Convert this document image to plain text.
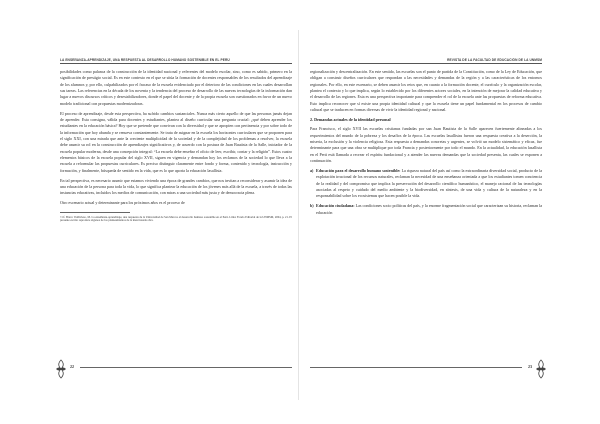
LA ENSEÑANZA-APRENDIZAJE, UNA RESPUESTA AL DESARROLLO HUMANO SOSTENIBLE EN EL PERÚ

posibilidades como palanca de la construcción de la identidad nacional y referentes del modelo escolar, sino, como es sabido, primero en la significación de prestigio social. Es en este contexto en el que se sitúa la formación de docentes responsables de los resultados del aprendizaje de los alumnos y, por ello, culpabilizados por el fracaso de la escuela evidenciado por el deterioro de las condiciones en las cuales desarrollan sus tareas. Las referencias en la década de los noventa y la tendencia del proceso de desarrollo de las nuevas tecnologías de la información dan lugar a nuevos discursos críticos y desestabilizadores, donde el papel del docente y de la propia escuela son cuestionados en favor de un nuevo modelo tradicional con propuestas modernizadoras.

El proceso de aprendizaje, desde esta perspectiva, ha sufrido cambios sustanciales. Nunca más cierto aquello de que las personas jamás dejan de aprender. Esta consigna, válida para docentes y estudiantes, plantea al diseño curricular una pregunta crucial: ¿qué deben aprender los estudiantes en la educación básica? Hoy que se pretende que convivan con la diversidad y que se apropien con pertinencia y por sobre todo de la información que hoy abunda y se renueva constantemente. Se trata de asignar en la escuela los horizontes curriculares que se proponen para el siglo XXI, con una mirada que ante la creciente multiplicidad de la sociedad y de la complejidad de los problemas a resolver, la escuela debe asumir su rol en la construcción de aprendizajes significativos y, de acuerdo con la postura de Juan Bautista de la Salle, iniciador de la escuela popular moderna, desde una concepción integral: “La escuela debe enseñar el oficio de leer, escribir, contar y la religión”. Estos cuatro elementos básicos de la escuela popular del siglo XVII, siguen en vigencia y demandan hoy los reclamos de la sociedad lo que lleva a la escuela a reformular las propuestas curriculares. Es preciso distinguir claramente entre fondo y forma, contenido y tecnología, instrucción y formación, y finalmente, búsqueda de sentido en la vida, que es lo que aporta la educación lasallista.

En tal perspectiva, es necesario asumir que estamos viviendo una época de grandes cambios, que nos invitan a reconsiderar y asumir la idea de una educación de la persona para toda la vida, lo que significa plantear la educación de los jóvenes más allá de la escuela, a través de todas las instancias educativas, incluidos los medios de comunicación, con miras a una sociedad más justa y de democracia plena.

Otro escenario actual y determinante para los próximos años es el proceso de

¹ Cf. Bravo Valdivieso, M. La enseñanza-aprendizaje, una respuesta de la Universidad de San Marcos al desarrollo humano sostenible en el Perú. Lima: Fondo Editorial de la UNMSM, 2004, p. 21. El presente escrito reproduce algunos de los planteamientos de la mencionada obra.

REVISTA DE LA FACULTAD DE EDUCACIÓN DE LA UNMSM

regionalización y descentralización. En este sentido, las escuelas son el punto de partida de la Constitución, como de la Ley de Educación, que obligan a construir diseños curriculares que respondan a las necesidades y demandas de la región y a las características de los entornos regionales. Por ello, en este escenario, se deben asumir los retos que, en cuanto a la formación docente, el currículo y la organización escolar, plantea el contexto y lo que implica, según lo establecido por los diferentes actores sociales, en la intención de mejorar la calidad educativa y el desarrollo de las regiones. Esta es una perspectiva importante para comprender el rol de la escuela ante las propuestas de reforma educativa. Esto implica reconocer que sí existe una propia identidad cultural y que la escuela tiene un papel fundamental en los procesos de cambio cultural que se traducen en formas diversas de vivir la identidad regional y nacional.

2. Demandas actuales de la identidad personal

Para Francisco, el siglo XVII las escuelas cristianas fundadas por san Juan Bautista de la Salle aparecen fuertemente alineadas a los requerimientos del mundo de la pobreza y los desafíos de la época. Las escuelas lasallistas fueron una respuesta creativa a la deserción, la miseria, la exclusión y la violencia religiosa. Esta respuesta a demandas concretas y urgentes, se volvió un modelo sistemático y eficaz, fue determinante para que una obra se multiplique por toda Francia y posteriormente por todo el mundo. En la actualidad, la educación lasallista en el Perú está llamada a recrear el espíritu fundacional y a atender las nuevas demandas que la sociedad presenta, las cuales se exponen a continuación.

a) Educación para el desarrollo humano sostenible: La riqueza natural del país así como la extraordinaria diversidad social, producto de la explotación irracional de los recursos naturales, reclaman la necesidad de una enseñanza orientada a que los estudiantes tomen conciencia de la realidad y del compromiso que implica la preservación del desarrollo científico humanístico, el manejo racional de las tecnologías asociadas al respeto y cuidado del medio ambiente y la biodiversidad, en síntesis, de una vida y cultura de la naturaleza y en la responsabilidad sobre los ecosistemas que hacen posible la vida.
b) Educación ciudadana: Las condiciones socio políticas del país, y la enorme fragmentación social que caracterizan su historia, reclaman la educación
22	23
